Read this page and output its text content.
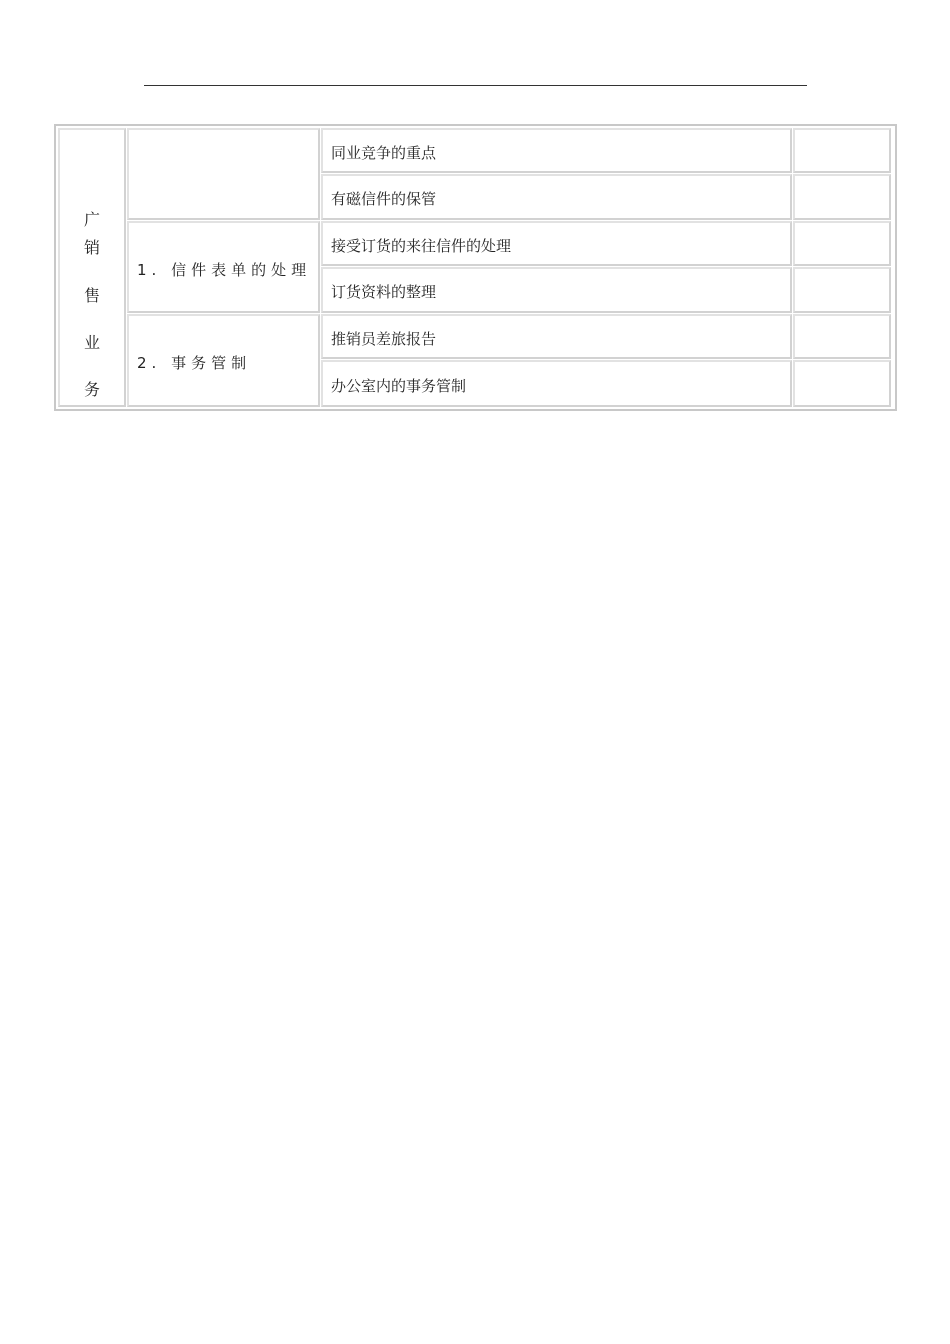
广
销
售
业
务
1. 信件表单的处理
2. 事务管制
同业竞争的重点
有磁信件的保管
接受订货的来往信件的处理
订货资料的整理
推销员差旅报告
办公室内的事务管制
